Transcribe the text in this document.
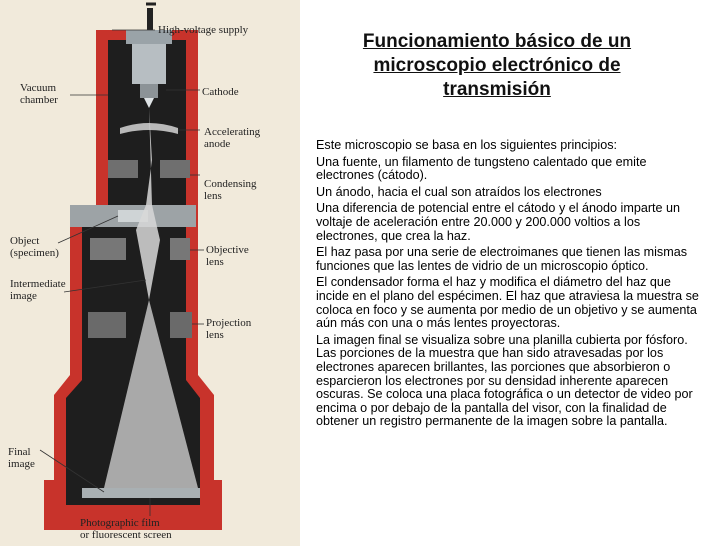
High-voltage supply
Vacuum
chamber
Cathode
Accelerating
anode
Condensing
lens
Object
(specimen)	Objective
lens
Intermediate
image
Projection
lens
Final
image
Photographic film
or fluorescent screen
Funcionamiento básico de un microscopio electrónico de transmisión

Este microscopio se basa en los siguientes principios:

Una fuente, un filamento de tungsteno calentado que emite electrones (cátodo).

Un ánodo, hacia el cual son atraídos los electrones

Una diferencia de potencial entre el cátodo y el ánodo imparte un voltaje de aceleración entre 20.000 y 200.000 voltios a los electrones, que crea la haz.

El haz pasa por una serie de electroimanes que tienen las mismas funciones que las lentes de vidrio de un microscopio óptico.

El condensador forma el haz y modifica el diámetro del haz que incide en el plano del espécimen. El haz que atraviesa la muestra se coloca en foco y se aumenta por medio de un objetivo y se aumenta aún más con una o más lentes proyectoras.

La imagen final se visualiza sobre una planilla cubierta por fósforo. Las porciones de la muestra que han sido atravesadas por los electrones aparecen brillantes, las porciones que absorbieron o esparcieron los electrones por su densidad inherente aparecen oscuras. Se coloca una placa fotográfica o un detector de video por encima o por debajo de la pantalla del visor, con la finalidad de obtener un registro permanente de la imagen sobre la pantalla.
